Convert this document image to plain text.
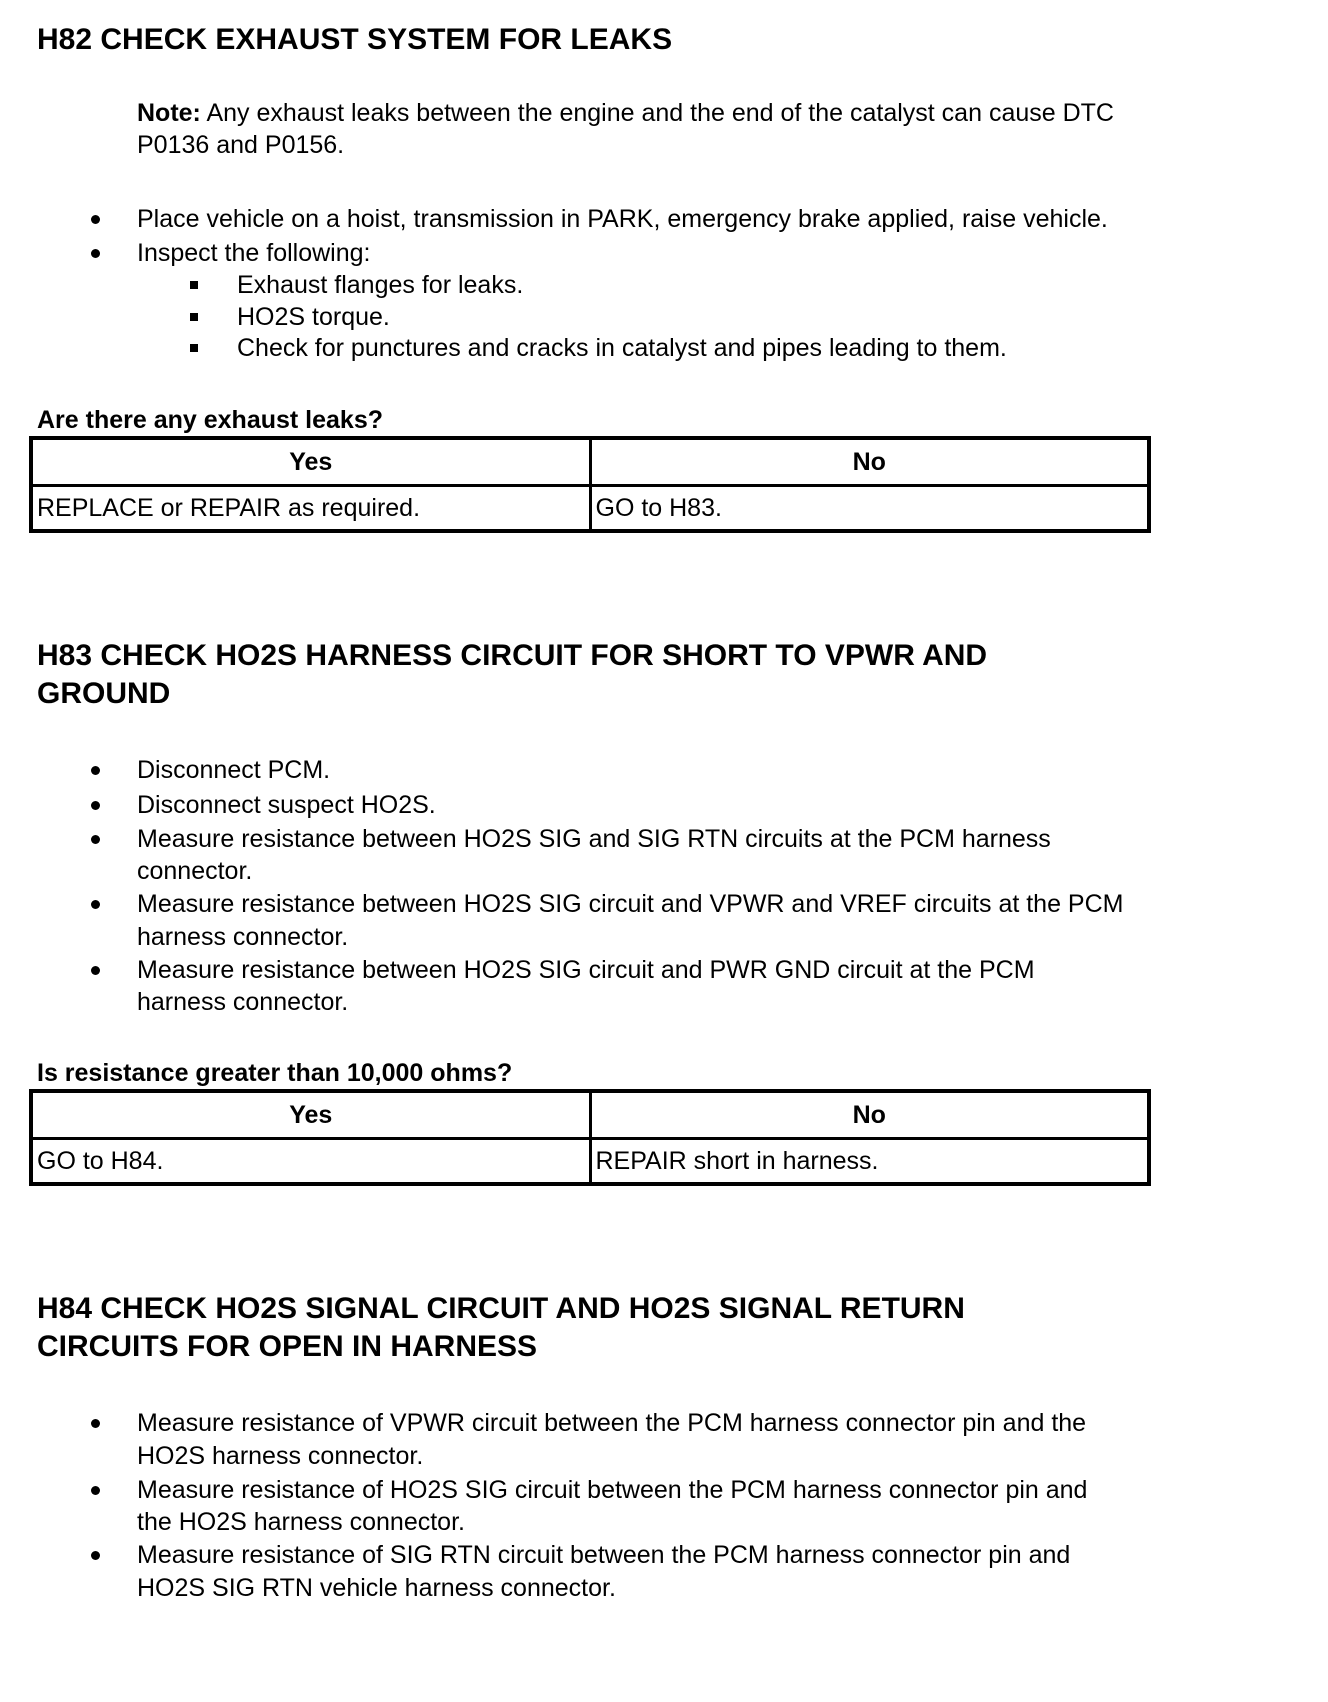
H82 CHECK EXHAUST SYSTEM FOR LEAKS
Note: Any exhaust leaks between the engine and the end of the catalyst can cause DTC
P0136 and P0156.
Place vehicle on a hoist, transmission in PARK, emergency brake applied, raise vehicle.
Inspect the following:
Exhaust flanges for leaks.
HO2S torque.
Check for punctures and cracks in catalyst and pipes leading to them.
Are there any exhaust leaks?
Yes	No
REPLACE or REPAIR as required.	GO to H83.
H83 CHECK HO2S HARNESS CIRCUIT FOR SHORT TO VPWR AND
GROUND
Disconnect PCM.
Disconnect suspect HO2S.
Measure resistance between HO2S SIG and SIG RTN circuits at the PCM harness
connector.
Measure resistance between HO2S SIG circuit and VPWR and VREF circuits at the PCM
harness connector.
Measure resistance between HO2S SIG circuit and PWR GND circuit at the PCM
harness connector.
Is resistance greater than 10,000 ohms?
Yes	No
GO to H84.	REPAIR short in harness.
H84 CHECK HO2S SIGNAL CIRCUIT AND HO2S SIGNAL RETURN
CIRCUITS FOR OPEN IN HARNESS
Measure resistance of VPWR circuit between the PCM harness connector pin and the
HO2S harness connector.
Measure resistance of HO2S SIG circuit between the PCM harness connector pin and
the HO2S harness connector.
Measure resistance of SIG RTN circuit between the PCM harness connector pin and
HO2S SIG RTN vehicle harness connector.
